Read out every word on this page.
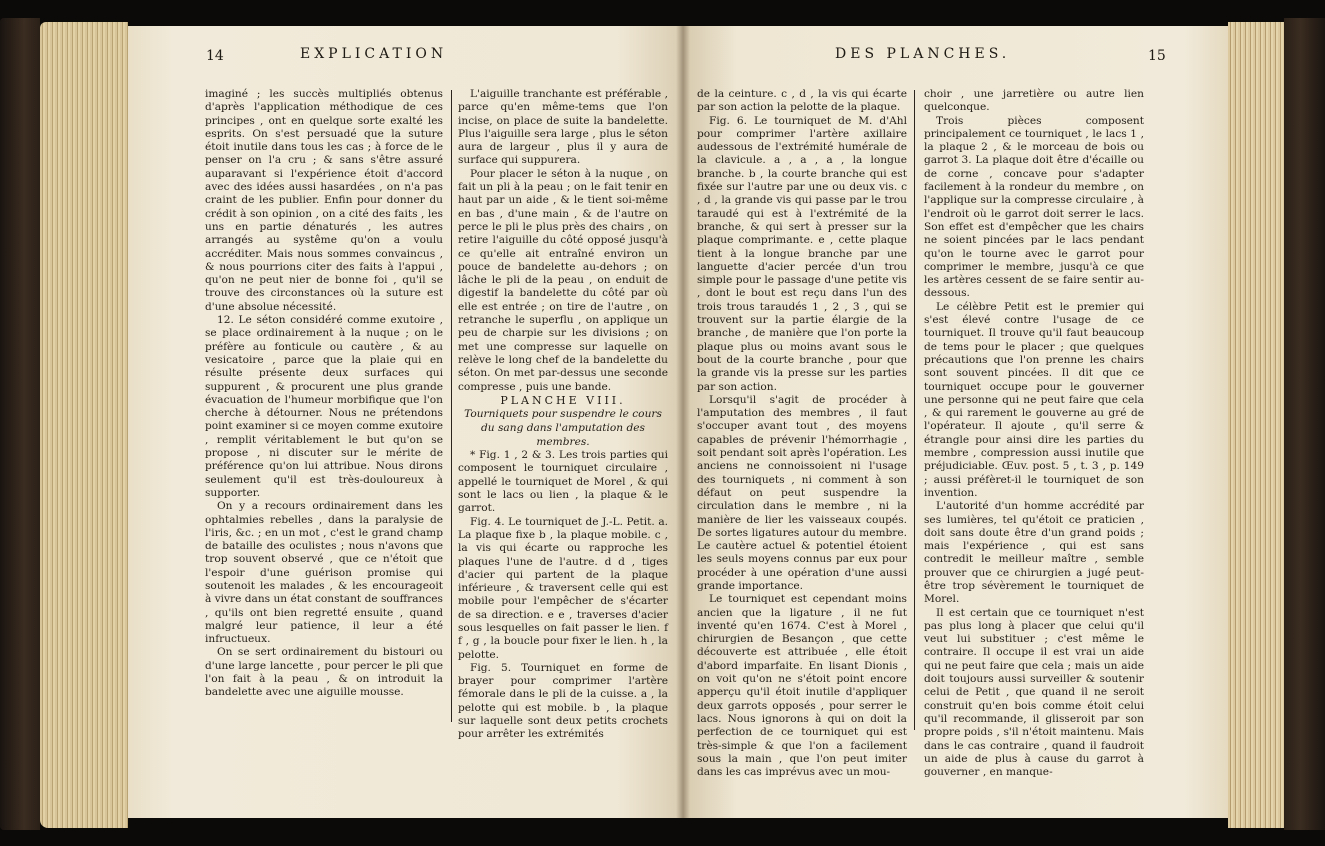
14	EXPLICATION	DES PLANCHES.	15

imaginé ; les succès multipliés obtenus d'après l'application méthodique de ces principes , ont en quelque sorte exalté les esprits. On s'est persuadé que la suture étoit inutile dans tous les cas ; à force de le penser on l'a cru ; & sans s'être assuré auparavant si l'expérience étoit d'accord avec des idées aussi hasardées , on n'a pas craint de les publier. Enfin pour donner du crédit à son opinion , on a cité des faits , les uns en partie dénaturés , les autres arrangés au systême qu'on a voulu accréditer. Mais nous sommes convaincus , & nous pourrions citer des faits à l'appui , qu'on ne peut nier de bonne foi , qu'il se trouve des circonstances où la suture est d'une absolue nécessité.

12. Le séton considéré comme exutoire , se place ordinairement à la nuque ; on le préfère au fonticule ou cautère , & au vesicatoire , parce que la plaie qui en résulte présente deux surfaces qui suppurent , & procurent une plus grande évacuation de l'humeur morbifique que l'on cherche à détourner. Nous ne prétendons point examiner si ce moyen comme exutoire , remplit véritablement le but qu'on se propose , ni discuter sur le mérite de préférence qu'on lui attribue. Nous dirons seulement qu'il est très-douloureux à supporter.

On y a recours ordinairement dans les ophtalmies rebelles , dans la paralysie de l'iris, &c. ; en un mot , c'est le grand champ de bataille des oculistes ; nous n'avons que trop souvent observé , que ce n'étoit que l'espoir d'une guérison promise qui soutenoit les malades , & les encourageoit à vivre dans un état constant de souffrances , qu'ils ont bien regretté ensuite , quand malgré leur patience, il leur a été infructueux.

On se sert ordinairement du bistouri ou d'une large lancette , pour percer le pli que l'on fait à la peau , & on introduit la bandelette avec une aiguille mousse.

L'aiguille tranchante est préférable , parce qu'en même-tems que l'on incise, on place de suite la bandelette. Plus l'aiguille sera large , plus le séton aura de largeur , plus il y aura de surface qui suppurera.

Pour placer le séton à la nuque , on fait un pli à la peau ; on le fait tenir en haut par un aide , & le tient soi-même en bas , d'une main , & de l'autre on perce le pli le plus près des chairs , on retire l'aiguille du côté opposé jusqu'à ce qu'elle ait entraîné environ un pouce de bandelette au-dehors ; on lâche le pli de la peau , on enduit de digestif la bandelette du côté par où elle est entrée ; on tire de l'autre , on retranche le superflu , on applique un peu de charpie sur les divisions ; on met une compresse sur laquelle on relève le long chef de la bandelette du séton. On met par-dessus une seconde compresse , puis une bande.

PLANCHE VIII.

Tourniquets pour suspendre le cours du sang dans l'amputation des membres.

* Fig. 1 , 2 & 3. Les trois parties qui composent le tourniquet circulaire , appellé le tourniquet de Morel , & qui sont le lacs ou lien , la plaque & le garrot.

Fig. 4. Le tourniquet de J.-L. Petit. a. La plaque fixe b , la plaque mobile. c , la vis qui écarte ou rapproche les plaques l'une de l'autre. d d , tiges d'acier qui partent de la plaque inférieure , & traversent celle qui est mobile pour l'empêcher de s'écarter de sa direction. e e , traverses d'acier sous lesquelles on fait passer le lien. f f , g , la boucle pour fixer le lien. h , la pelotte.

Fig. 5. Tourniquet en forme de brayer pour comprimer l'artère fémorale dans le pli de la cuisse. a , la pelotte qui est mobile. b , la plaque sur laquelle sont deux petits crochets pour arrêter les extrémités

de la ceinture. c , d , la vis qui écarte par son action la pelotte de la plaque.

Fig. 6. Le tourniquet de M. d'Ahl pour comprimer l'artère axillaire audessous de l'extrémité humérale de la clavicule. a , a , a , la longue branche. b , la courte branche qui est fixée sur l'autre par une ou deux vis. c , d , la grande vis qui passe par le trou taraudé qui est à l'extrémité de la branche, & qui sert à presser sur la plaque comprimante. e , cette plaque tient à la longue branche par une languette d'acier percée d'un trou simple pour le passage d'une petite vis , dont le bout est reçu dans l'un des trois trous taraudés 1 , 2 , 3 , qui se trouvent sur la partie élargie de la branche , de manière que l'on porte la plaque plus ou moins avant sous le bout de la courte branche , pour que la grande vis la presse sur les parties par son action.

Lorsqu'il s'agit de procéder à l'amputation des membres , il faut s'occuper avant tout , des moyens capables de prévenir l'hémorrhagie , soit pendant soit après l'opération. Les anciens ne connoissoient ni l'usage des tourniquets , ni comment à son défaut on peut suspendre la circulation dans le membre , ni la manière de lier les vaisseaux coupés. De sortes ligatures autour du membre. Le cautère actuel & potentiel étoient les seuls moyens connus par eux pour procéder à une opération d'une aussi grande importance.

Le tourniquet est cependant moins ancien que la ligature , il ne fut inventé qu'en 1674. C'est à Morel , chirurgien de Besançon , que cette découverte est attribuée , elle étoit d'abord imparfaite. En lisant Dionis , on voit qu'on ne s'étoit point encore apperçu qu'il étoit inutile d'appliquer deux garrots opposés , pour serrer le lacs. Nous ignorons à qui on doit la perfection de ce tourniquet qui est très-simple & que l'on a facilement sous la main , que l'on peut imiter dans les cas imprévus avec un mou-

choir , une jarretière ou autre lien quelconque.

Trois pièces composent principalement ce tourniquet , le lacs 1 , la plaque 2 , & le morceau de bois ou garrot 3. La plaque doit être d'écaille ou de corne , concave pour s'adapter facilement à la rondeur du membre , on l'applique sur la compresse circulaire , à l'endroit où le garrot doit serrer le lacs. Son effet est d'empêcher que les chairs ne soient pincées par le lacs pendant qu'on le tourne avec le garrot pour comprimer le membre, jusqu'à ce que les artères cessent de se faire sentir au-dessous.

Le célèbre Petit est le premier qui s'est élevé contre l'usage de ce tourniquet. Il trouve qu'il faut beaucoup de tems pour le placer ; que quelques précautions que l'on prenne les chairs sont souvent pincées. Il dit que ce tourniquet occupe pour le gouverner une personne qui ne peut faire que cela , & qui rarement le gouverne au gré de l'opérateur. Il ajoute , qu'il serre & étrangle pour ainsi dire les parties du membre , compression aussi inutile que préjudiciable. Œuv. post. 5 , t. 3 , p. 149 ; aussi préfèret-il le tourniquet de son invention.

L'autorité d'un homme accrédité par ses lumières, tel qu'étoit ce praticien , doit sans doute être d'un grand poids ; mais l'expérience , qui est sans contredit le meilleur maître , semble prouver que ce chirurgien a jugé peut-être trop sévèrement le tourniquet de Morel.

Il est certain que ce tourniquet n'est pas plus long à placer que celui qu'il veut lui substituer ; c'est même le contraire. Il occupe il est vrai un aide qui ne peut faire que cela ; mais un aide doit toujours aussi surveiller & soutenir celui de Petit , que quand il ne seroit construit qu'en bois comme étoit celui qu'il recommande, il glisseroit par son propre poids , s'il n'étoit maintenu. Mais dans le cas contraire , quand il faudroit un aide de plus à cause du garrot à gouverner , en manque-
